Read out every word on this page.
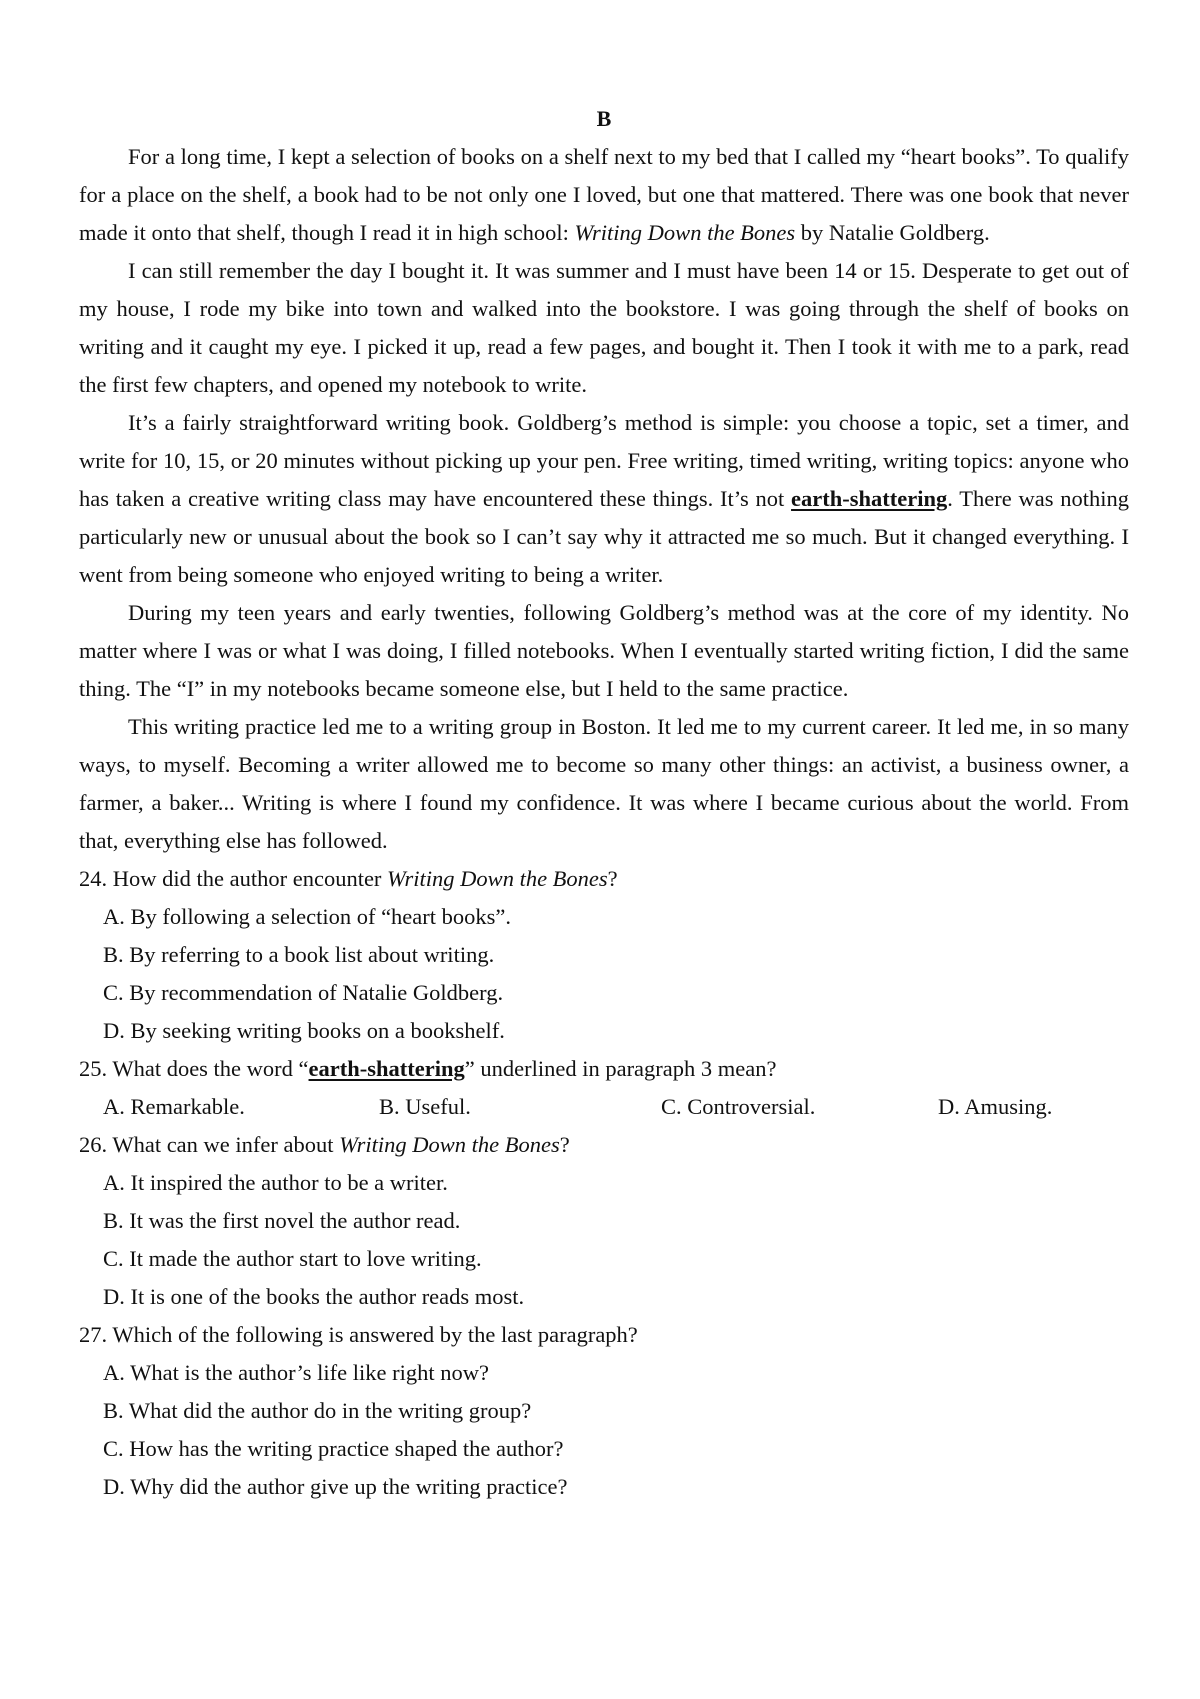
B

For a long time, I kept a selection of books on a shelf next to my bed that I called my “heart books”. To qualify for a place on the shelf, a book had to be not only one I loved, but one that mattered. There was one book that never made it onto that shelf, though I read it in high school: Writing Down the Bones by Natalie Goldberg.

I can still remember the day I bought it. It was summer and I must have been 14 or 15. Desperate to get out of my house, I rode my bike into town and walked into the bookstore. I was going through the shelf of books on writing and it caught my eye. I picked it up, read a few pages, and bought it. Then I took it with me to a park, read the first few chapters, and opened my notebook to write.

It’s a fairly straightforward writing book. Goldberg’s method is simple: you choose a topic, set a timer, and write for 10, 15, or 20 minutes without picking up your pen. Free writing, timed writing, writing topics: anyone who has taken a creative writing class may have encountered these things. It’s not earth-shattering. There was nothing particularly new or unusual about the book so I can’t say why it attracted me so much. But it changed everything. I went from being someone who enjoyed writing to being a writer.

During my teen years and early twenties, following Goldberg’s method was at the core of my identity. No matter where I was or what I was doing, I filled notebooks. When I eventually started writing fiction, I did the same thing. The “I” in my notebooks became someone else, but I held to the same practice.

This writing practice led me to a writing group in Boston. It led me to my current career. It led me, in so many ways, to myself. Becoming a writer allowed me to become so many other things: an activist, a business owner, a farmer, a baker... Writing is where I found my confidence. It was where I became curious about the world. From that, everything else has followed.

24. How did the author encounter Writing Down the Bones?

A. By following a selection of “heart books”.

B. By referring to a book list about writing.

C. By recommendation of Natalie Goldberg.

D. By seeking writing books on a bookshelf.

25. What does the word “earth-shattering” underlined in paragraph 3 mean?

A. Remarkable.	B. Useful.	C. Controversial.	D. Amusing.

26. What can we infer about Writing Down the Bones?

A. It inspired the author to be a writer.

B. It was the first novel the author read.

C. It made the author start to love writing.

D. It is one of the books the author reads most.

27. Which of the following is answered by the last paragraph?

A. What is the author’s life like right now?

B. What did the author do in the writing group?

C. How has the writing practice shaped the author?

D. Why did the author give up the writing practice?
